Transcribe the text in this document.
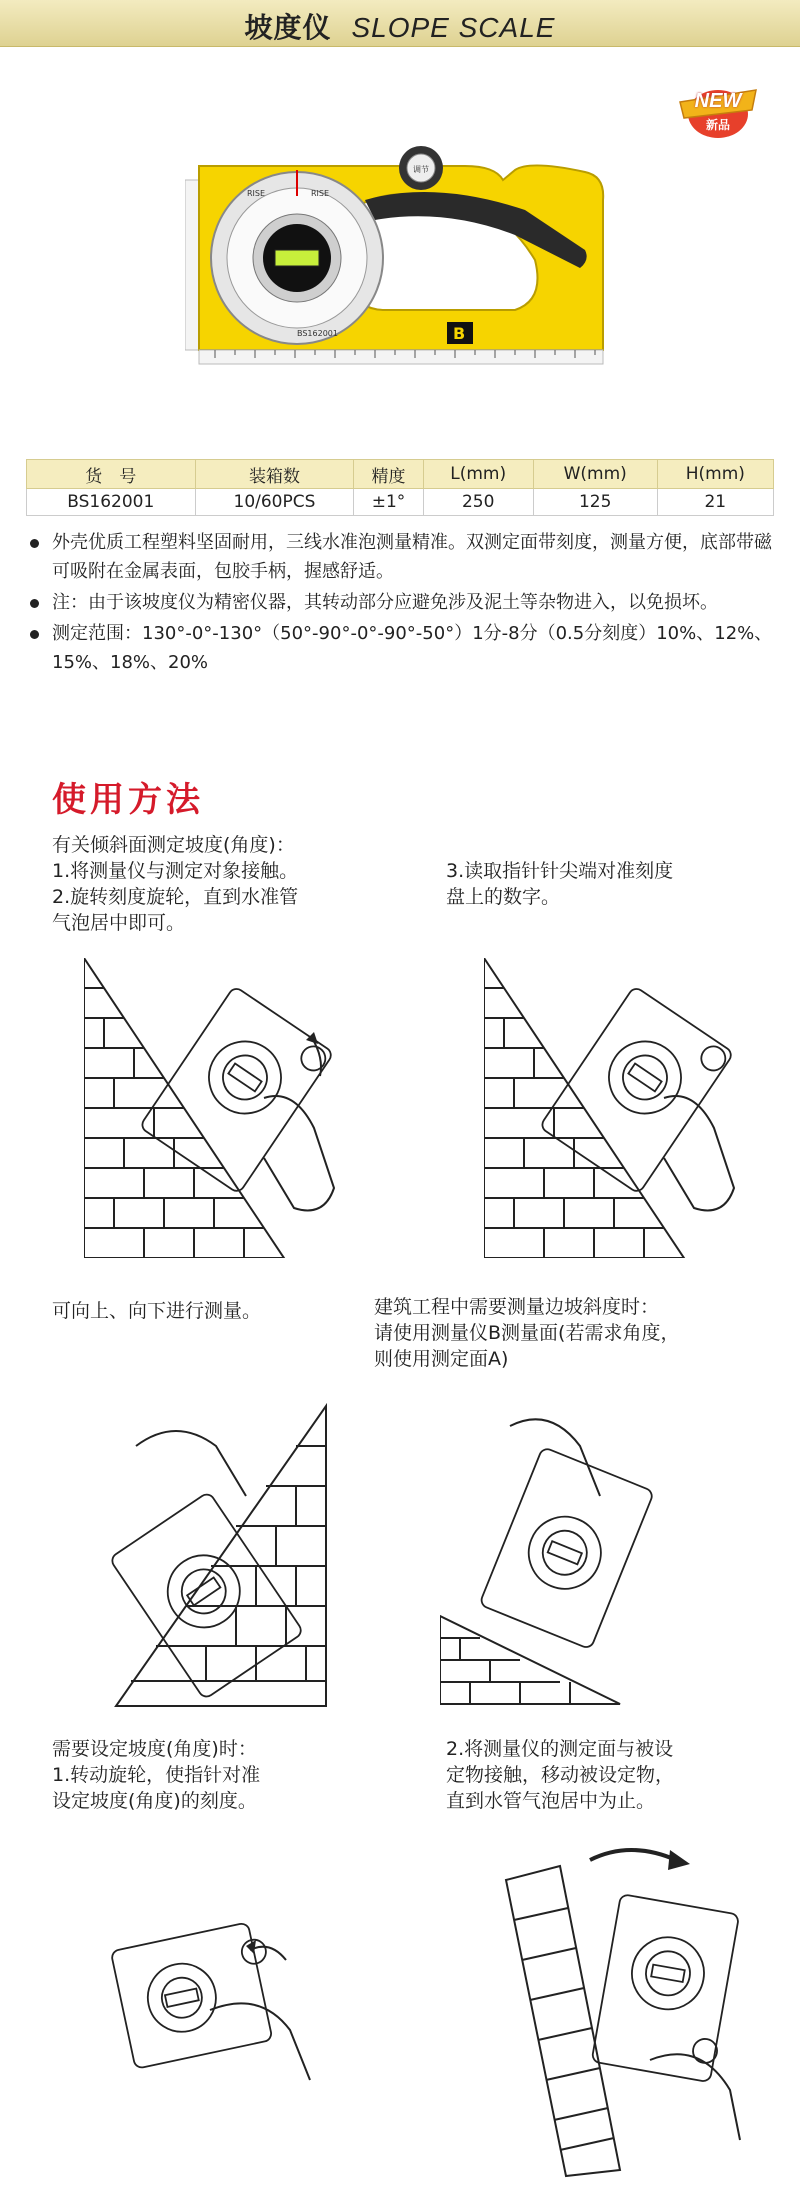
坡度仪 SLOPE SCALE
NEW
新品
RISE	RISE
调节
B
BS162001
货　号	装箱数	精度	L(mm)	W(mm)	H(mm)
BS162001	10/60PCS	±1°	250	125	21
外壳优质工程塑料坚固耐用，三线水准泡测量精准。双测定面带刻度，测量方便，底部带磁可吸附在金属表面，包胶手柄，握感舒适。
注：由于该坡度仪为精密仪器，其转动部分应避免涉及泥土等杂物进入，以免损坏。
测定范围：130°-0°-130°（50°-90°-0°-90°-50°）1分-8分（0.5分刻度）10%、12%、15%、18%、20%
使用方法
有关倾斜面测定坡度(角度)：
1.将测量仪与测定对象接触。
2.旋转刻度旋轮，直到水准管
气泡居中即可。
3.读取指针针尖端对准刻度
盘上的数字。
可向上、向下进行测量。	建筑工程中需要测量边坡斜度时：
请使用测量仪B测量面(若需求角度，
则使用测定面A)
需要设定坡度(角度)时：
1.转动旋轮，使指针对准
设定坡度(角度)的刻度。
2.将测量仪的测定面与被设
定物接触，移动被设定物，
直到水管气泡居中为止。
